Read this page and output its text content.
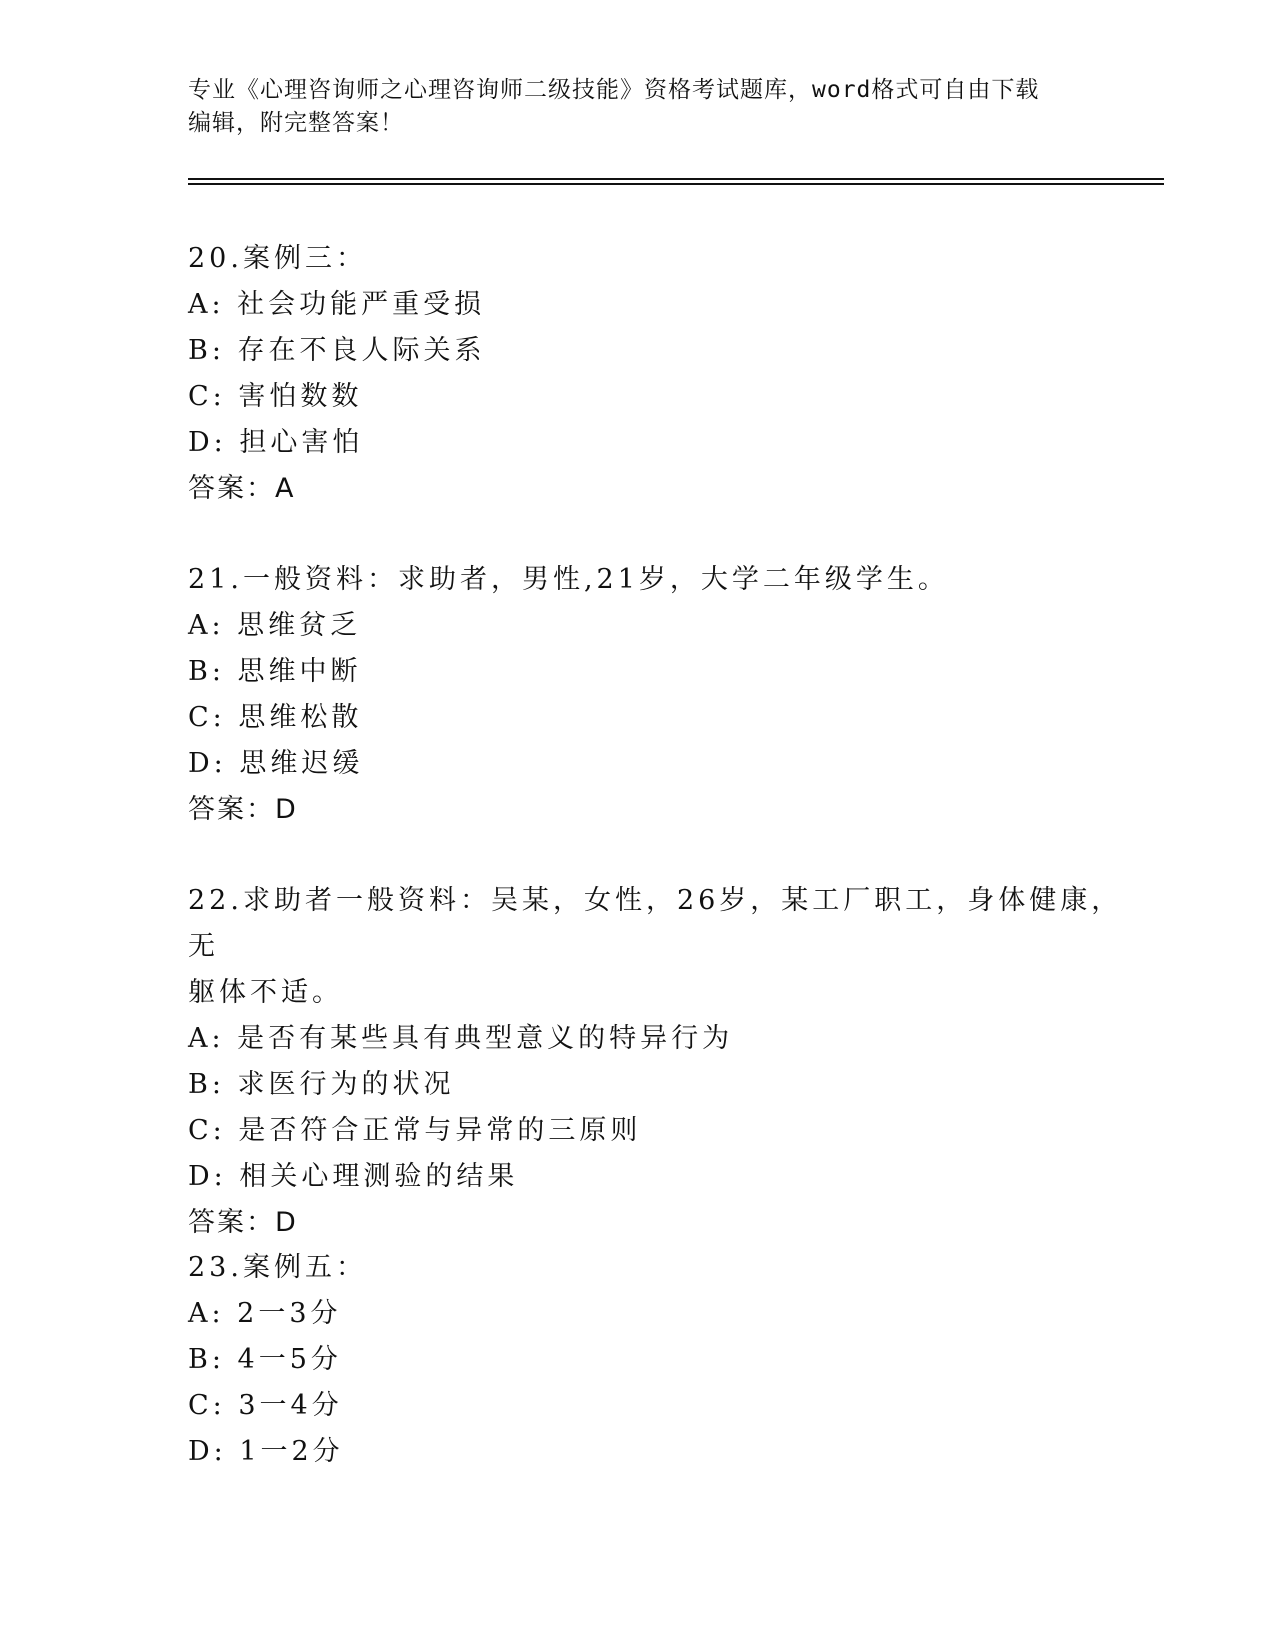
专业《心理咨询师之心理咨询师二级技能》资格考试题库，word格式可自由下载
编辑，附完整答案！
20.案例三：
A: 社会功能严重受损
B: 存在不良人际关系
C: 害怕数数
D: 担心害怕
答案：A
21.一般资料：求助者，男性,21岁，大学二年级学生。
A: 思维贫乏
B: 思维中断
C: 思维松散
D: 思维迟缓
答案：D
22.求助者一般资料：吴某，女性，26岁，某工厂职工，身体健康，无
躯体不适。
A: 是否有某些具有典型意义的特异行为
B: 求医行为的状况
C: 是否符合正常与异常的三原则
D: 相关心理测验的结果
答案：D
23.案例五：
A: 2一3分
B: 4一5分
C: 3一4分
D: 1一2分
